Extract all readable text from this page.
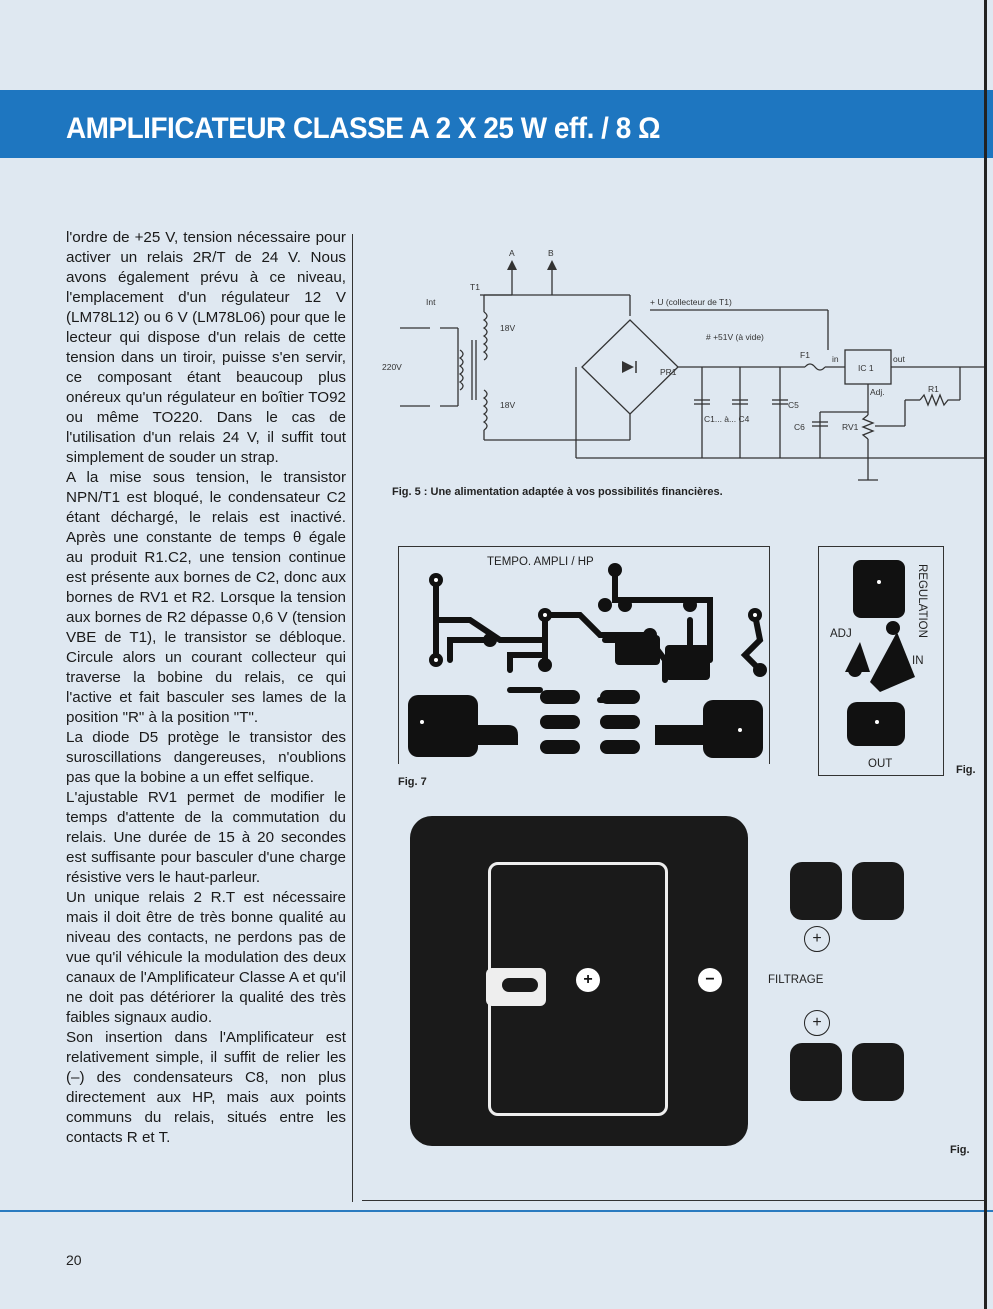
AMPLIFICATEUR CLASSE A 2 X 25 W eff. / 8 Ω

l'ordre de +25 V, tension nécessaire pour activer un relais 2R/T de 24 V. Nous avons également prévu à ce niveau, l'emplacement d'un régulateur 12 V (LM78L12) ou 6 V (LM78L06) pour que le lecteur qui dispose d'un relais de cette tension dans un tiroir, puisse s'en servir, ce composant étant beaucoup plus onéreux qu'un régulateur en boîtier TO92 ou même TO220. Dans le cas de l'utilisation d'un relais 24 V, il suffit tout simplement de souder un strap.

A la mise sous tension, le transistor NPN/T1 est bloqué, le condensateur C2 étant déchargé, le relais est inactivé. Après une constante de temps θ égale au produit R1.C2, une tension continue est présente aux bornes de C2, donc aux bornes de RV1 et R2. Lorsque la tension aux bornes de R2 dépasse 0,6 V (tension VBE de T1), le transistor se débloque. Circule alors un courant collecteur qui traverse la bobine du relais, ce qui l'active et fait basculer ses lames de la position "R" à la position "T".

La diode D5 protège le transistor des suroscillations dangereuses, n'oublions pas que la bobine a un effet selfique.

L'ajustable RV1 permet de modifier le temps d'attente de la commutation du relais. Une durée de 15 à 20 secondes est suffisante pour basculer d'une charge résistive vers le haut-parleur.

Un unique relais 2 R.T est nécessaire mais il doit être de très bonne qualité au niveau des contacts, ne perdons pas de vue qu'il véhicule la modulation des deux canaux de l'Amplificateur Classe A et qu'il ne doit pas détériorer la qualité des très faibles signaux audio.

Son insertion dans l'Amplificateur est relativement simple, il suffit de relier les (–) des condensateurs C8, non plus directement aux HP, mais aux points communs du relais, situés entre les contacts R et T.

A	B
T1
Int
18V
18V
220V
+ U (collecteur de T1)
PR1
# +51V (à vide)
F1	in
IC 1
out
Adj.	R1
C5
C6	RV1
C1... à... C4
Fig. 5 : Une alimentation adaptée à vos possibilités financières.
TEMPO. AMPLI / HP
Fig. 7
REGULATION
ADJ
IN
OUT	Fig.
+	−
+
+
FILTRAGE
Fig.
20
